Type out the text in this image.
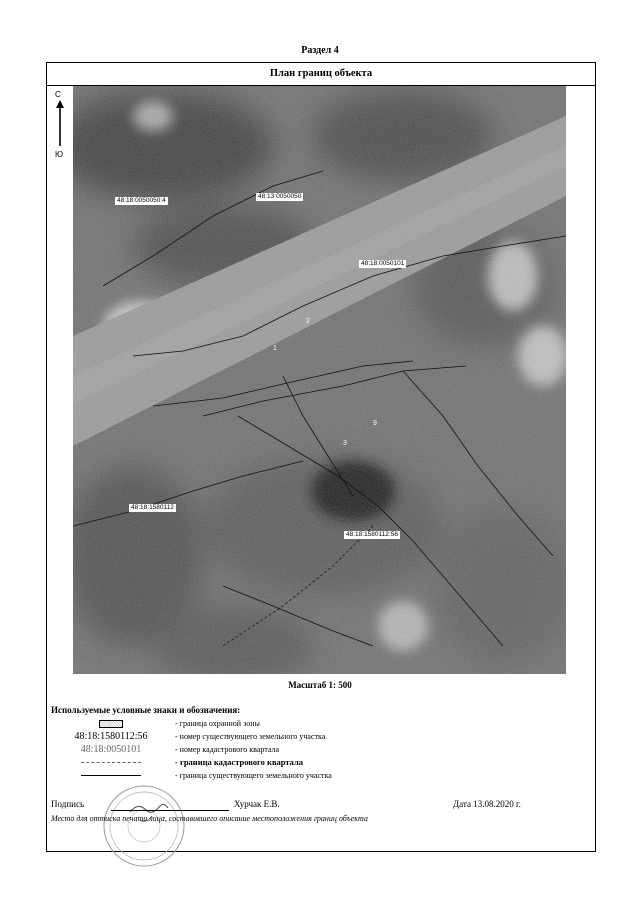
Раздел 4
План границ объекта
С
Ю
48:18:0050050:4
48:13:0050050
48:18:0050101
48:18:1580112
48:18:1580112:56
1
2
3
9
Масштаб 1: 500
Используемые условные знаки и обозначения:
- граница охранной зоны
48:18:1580112:56	- номер существующего земельного участка
48:18:0050101	- номер кадастрового квартала
- граница кадастрового квартала
- граница существующего земельного участка
Подпись	Хурчак Е.В.	Дата 13.08.2020 г.
Место для оттиска печати лица, составившего описание местоположения границ объекта
